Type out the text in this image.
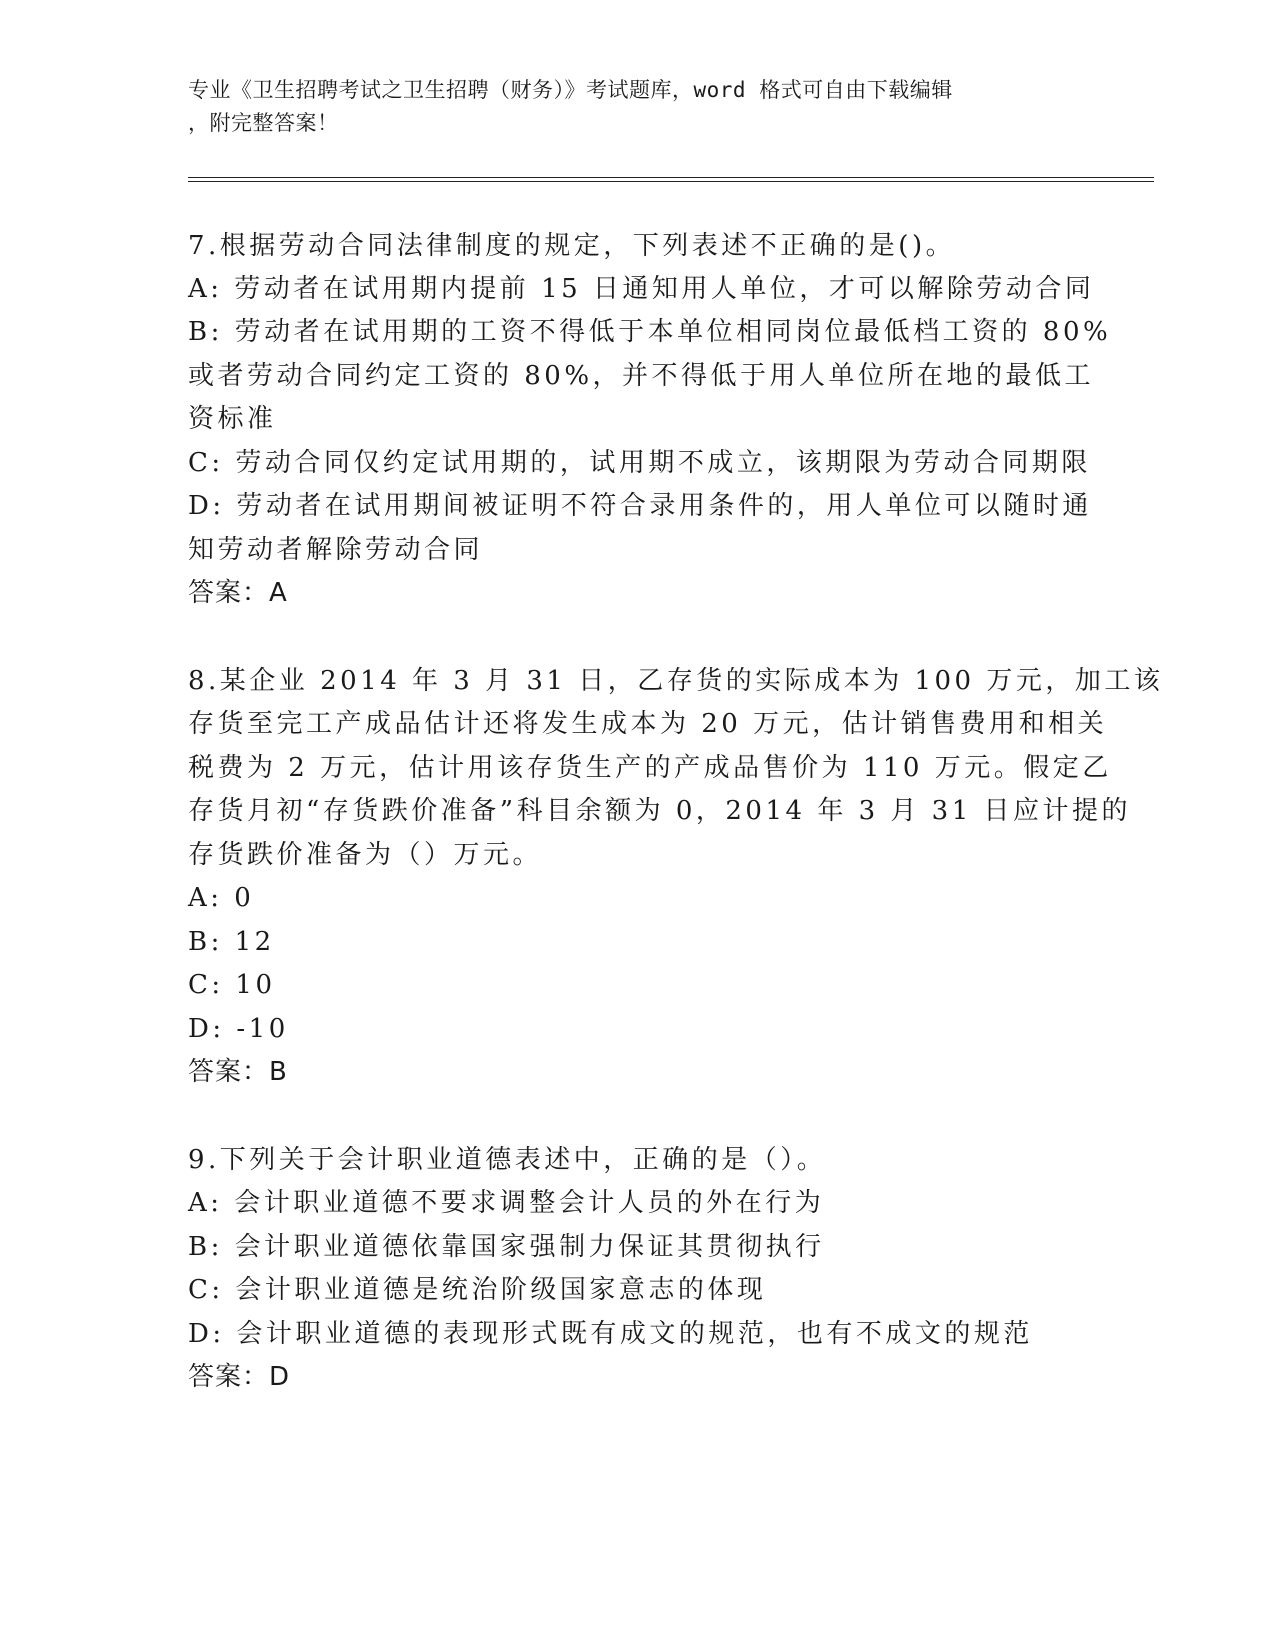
专业《卫生招聘考试之卫生招聘（财务）》考试题库，word 格式可自由下载编辑
，附完整答案！
7.根据劳动合同法律制度的规定，下列表述不正确的是()。
A: 劳动者在试用期内提前 15 日通知用人单位，才可以解除劳动合同
B: 劳动者在试用期的工资不得低于本单位相同岗位最低档工资的 80%
或者劳动合同约定工资的 80%，并不得低于用人单位所在地的最低工
资标准
C: 劳动合同仅约定试用期的，试用期不成立，该期限为劳动合同期限
D: 劳动者在试用期间被证明不符合录用条件的，用人单位可以随时通
知劳动者解除劳动合同
答案：A
8.某企业 2014 年 3 月 31 日，乙存货的实际成本为 100 万元，加工该
存货至完工产成品估计还将发生成本为 20 万元，估计销售费用和相关
税费为 2 万元，估计用该存货生产的产成品售价为 110 万元。假定乙
存货月初“存货跌价准备”科目余额为 0，2014 年 3 月 31 日应计提的
存货跌价准备为（）万元。
A: 0
B: 12
C: 10
D: -10
答案：B
9.下列关于会计职业道德表述中，正确的是（）。
A: 会计职业道德不要求调整会计人员的外在行为
B: 会计职业道德依靠国家强制力保证其贯彻执行
C: 会计职业道德是统治阶级国家意志的体现
D: 会计职业道德的表现形式既有成文的规范，也有不成文的规范
答案：D
